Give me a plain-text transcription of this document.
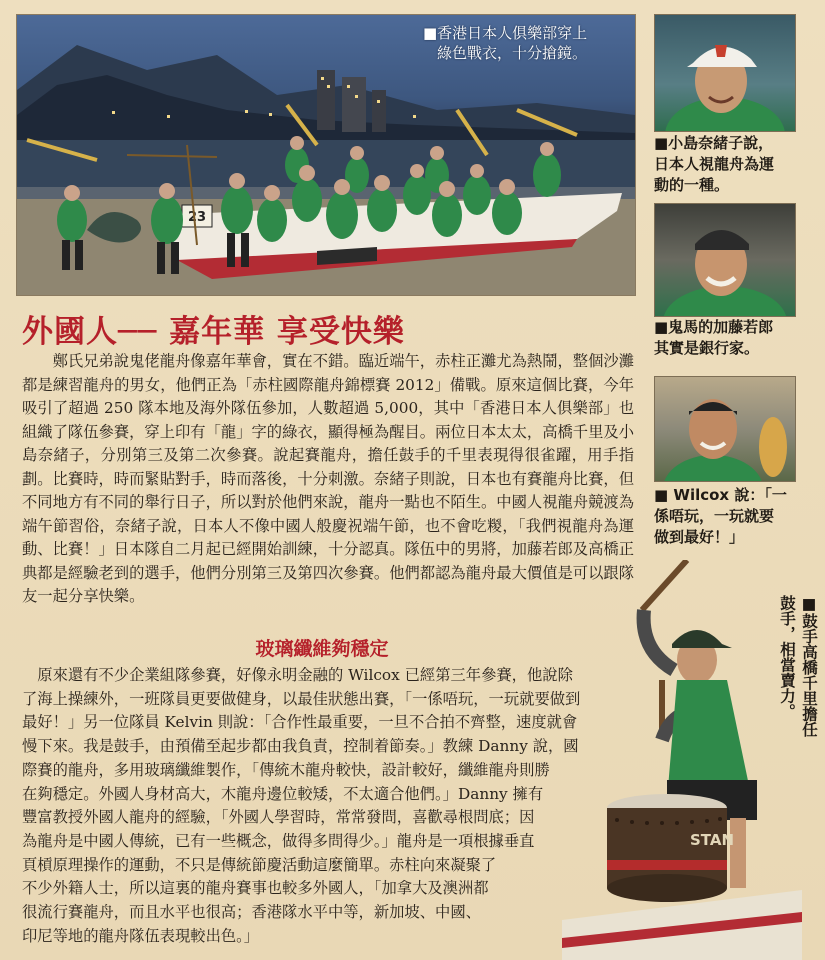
23
■香港日本人俱樂部穿上
綠色戰衣，十分搶鏡。
外國人── 嘉年華 享受快樂

鄭氏兄弟說鬼佬龍舟像嘉年華會，實在不錯。臨近端午，赤柱正灘尤為熱鬧，整個沙灘都是練習龍舟的男女，他們正為「赤柱國際龍舟錦標賽 2012」備戰。原來這個比賽，今年吸引了超過 250 隊本地及海外隊伍參加，人數超過 5,000，其中「香港日本人俱樂部」也組織了隊伍參賽，穿上印有「龍」字的綠衣，顯得極為醒目。兩位日本太太，高橋千里及小島奈緒子，分別第三及第二次參賽。說起賽龍舟，擔任鼓手的千里表現得很雀躍，用手指劃。比賽時，時而緊貼對手，時而落後，十分刺激。奈緒子則說，日本也有賽龍舟比賽，但不同地方有不同的舉行日子，所以對於他們來說，龍舟一點也不陌生。中國人視龍舟競渡為端午節習俗，奈緒子說，日本人不像中國人般慶祝端午節，也不會吃糉，「我們視龍舟為運動、比賽！」日本隊自二月起已經開始訓練，十分認真。隊伍中的男將，加藤若郎及高橋正典都是經驗老到的選手，他們分別第三及第四次參賽。他們都認為龍舟最大價值是可以跟隊友一起分享快樂。

玻璃纖維夠穩定

　原來還有不少企業組隊參賽，好像永明金融的 Wilcox 已經第三年參賽，他說除
了海上操練外，一班隊員更要做健身，以最佳狀態出賽，「一係唔玩，一玩就要做到
最好！」另一位隊員 Kelvin 則說：「合作性最重要，一旦不合拍不齊整，速度就會
慢下來。我是鼓手，由預備至起步都由我負責，控制着節奏。」教練 Danny 說，國
際賽的龍舟，多用玻璃纖維製作，「傳統木龍舟較快，設計較好，纖維龍舟則勝
在夠穩定。外國人身材高大，木龍舟邊位較矮，不太適合他們。」Danny 擁有
豐富教授外國人龍舟的經驗，「外國人學習時，常常發問，喜歡尋根問底；因
為龍舟是中國人傳統，已有一些概念，做得多問得少。」龍舟是一項根據垂直
頁槓原理操作的運動，不只是傳統節慶活動這麼簡單。赤柱向來凝聚了
不少外籍人士，所以這裏的龍舟賽事也較多外國人，「加拿大及澳洲都
很流行賽龍舟，而且水平也很高；香港隊水平中等，新加坡、中國、
印尼等地的龍舟隊伍表現較出色。」

■小島奈緒子說，
日本人視龍舟為運
動的一種。
■鬼馬的加藤若郎
其實是銀行家。
■ Wilcox 說：「一
係唔玩，一玩就要
做到最好！」
STAN
■鼓手高橋千里擔任鼓手，相當賣力。
